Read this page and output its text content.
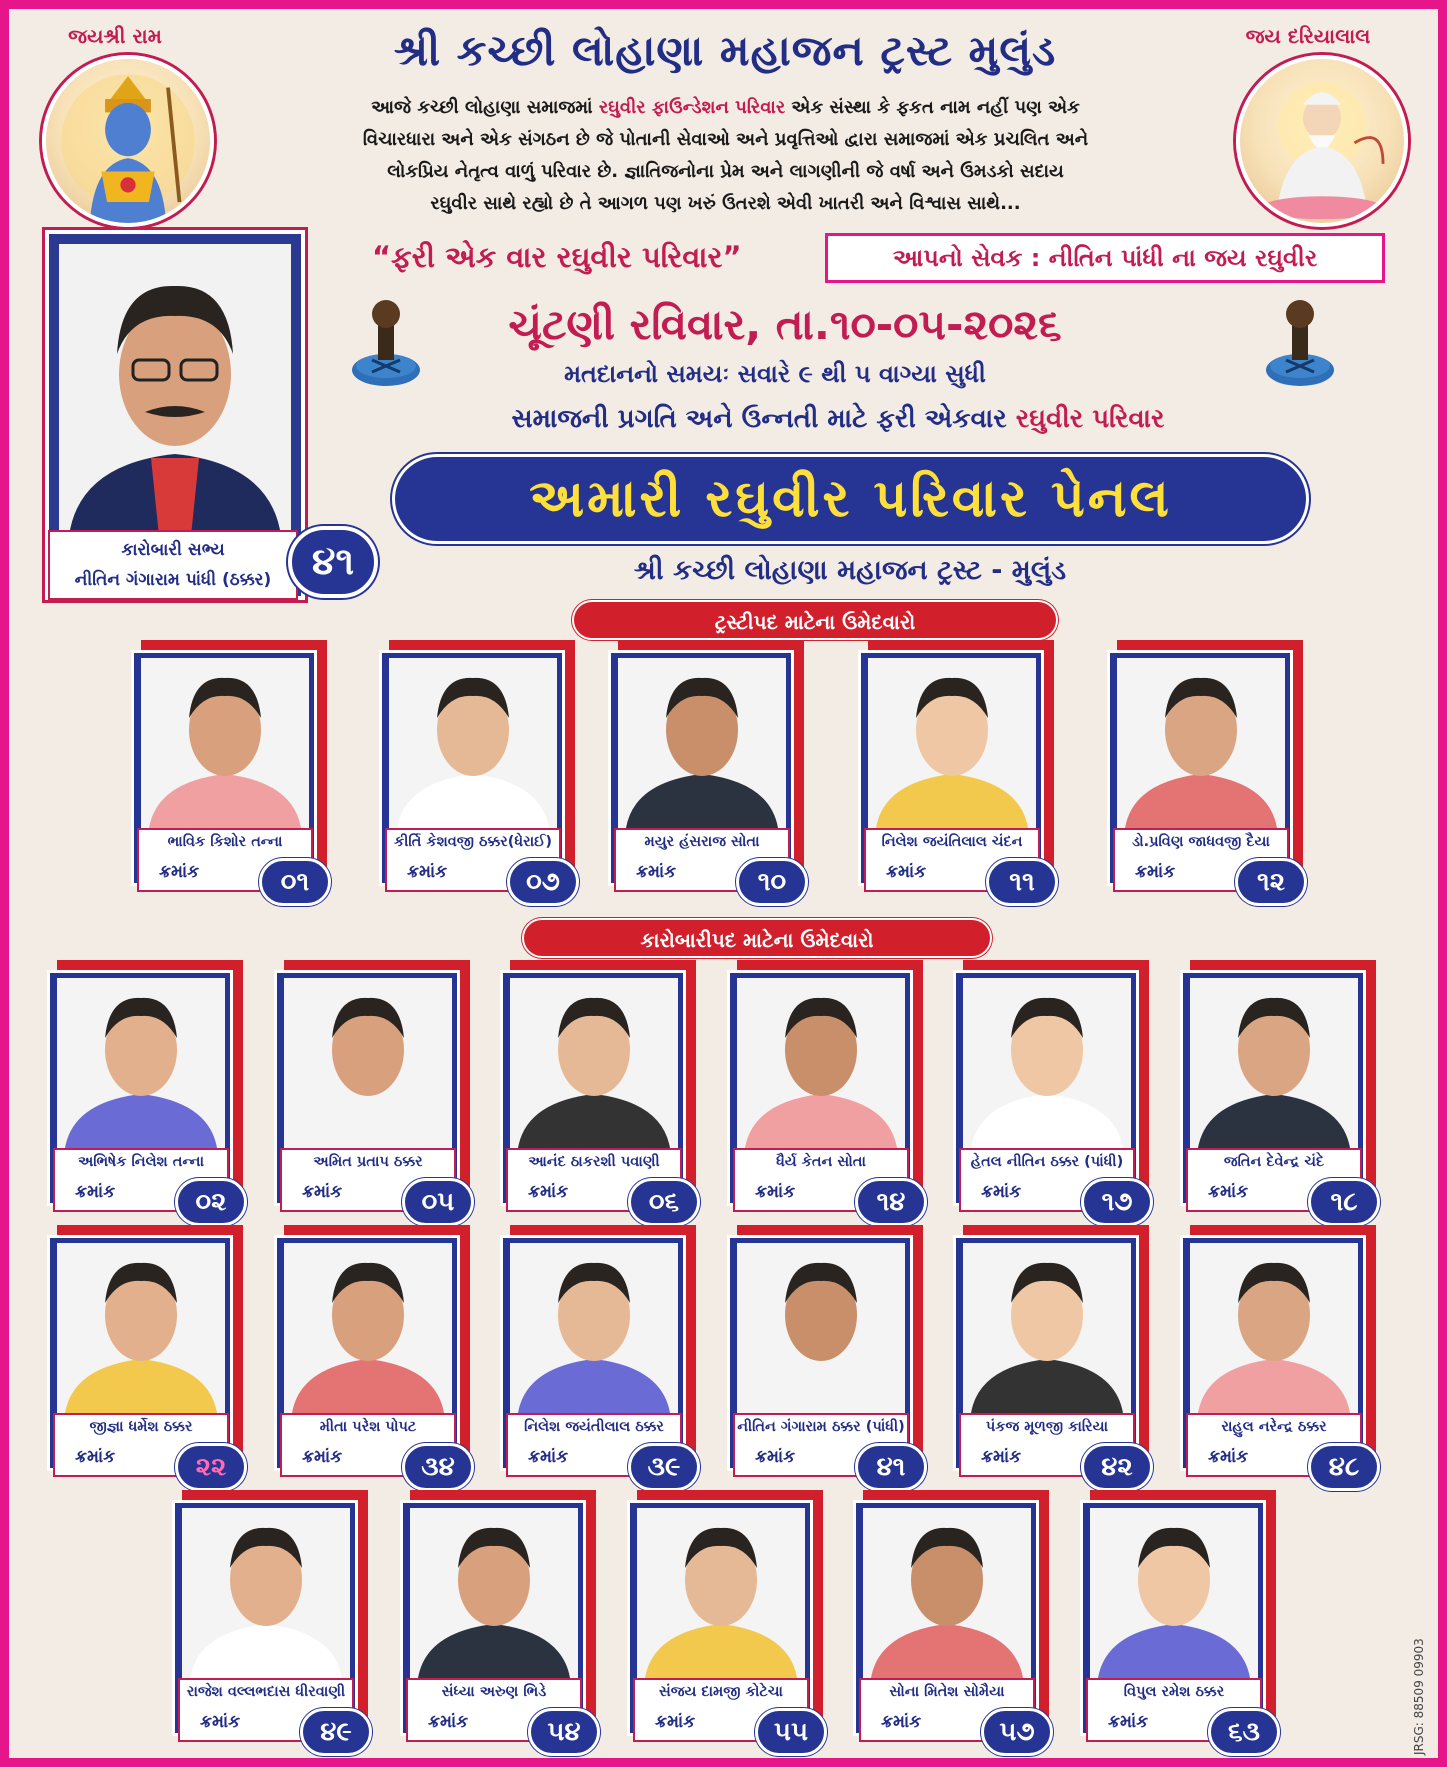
જયશ્રી રામ	જય દરિયાલાલ
શ્રી કચ્છી લોહાણા મહાજન ટ્રસ્ટ મુલુંડ
આજે કચ્છી લોહાણા સમાજમાં રઘુવીર ફાઉન્ડેશન પરિવાર એક સંસ્થા કે ફકત નામ નહીં પણ એક
વિચારધારા અને એક સંગઠન છે જે પોતાની સેવાઓ અને પ્રવૃત્તિઓ દ્વારા સમાજમાં એક પ્રચલિત અને
લોકપ્રિય નેતૃત્વ વાળું પરિવાર છે. જ્ઞાતિજનોના પ્રેમ અને લાગણીની જે વર્ષા અને ઉમડકો સદાય
રઘુવીર સાથે રહ્યો છે તે આગળ પણ ખરું ઉતરશે એવી ખાતરી અને વિશ્વાસ સાથે...
કારોબારી સભ્ય
નીતિન ગંગારામ પાંધી (ઠક્કર)	૪૧
“ફરી એક વાર રઘુવીર પરિવાર”	આપનો સેવક : નીતિન પાંધી ના જય રઘુવીર
ચૂંટણી રવિવાર, તા.૧૦-૦૫-૨૦૨૬
મતદાનનો સમયઃ સવારે ૯ થી ૫ વાગ્યા સુધી
સમાજની પ્રગતિ અને ઉન્નતી માટે ફરી એકવાર રઘુવીર પરિવાર
અમારી રઘુવીર પરિવાર પેનલ
શ્રી કચ્છી લોહાણા મહાજન ટ્રસ્ટ - મુલુંડ
ટ્રસ્ટીપદ માટેના ઉમેદવારો
ભાવિક કિશોર તન્ના
ક્રમાંક	૦૧
કીર્તિ કેશવજી ઠક્કર(ધેરાઈ)
ક્રમાંક	૦૭
મયુર હંસરાજ સોતા
ક્રમાંક	૧૦
નિલેશ જયંતિલાલ ચંદન
ક્રમાંક	૧૧
ડો.પ્રવિણ જાધવજી દૈયા
ક્રમાંક	૧૨
કારોબારીપદ માટેના ઉમેદવારો
અભિષેક નિલેશ તન્ના
ક્રમાંક	૦૨
અમિત પ્રતાપ ઠક્કર
ક્રમાંક	૦૫
આનંદ ઠાકરશી પવાણી
ક્રમાંક	૦૬
ધૈર્ય કેતન સોતા
ક્રમાંક	૧૪
હેતલ નીતિન ઠક્કર (પાંધી)
ક્રમાંક	૧૭
જતિન દેવેન્દ્ર ચંદે
ક્રમાંક	૧૮
જીજ્ઞા ધર્મેશ ઠક્કર
ક્રમાંક	૨૨
મીતા પરેશ પોપટ
ક્રમાંક	૩૪
નિલેશ જયંતીલાલ ઠક્કર
ક્રમાંક	૩૯
નીતિન ગંગારામ ઠક્કર (પાંધી)
ક્રમાંક	૪૧
પંકજ મૂળજી કારિયા
ક્રમાંક	૪૨
રાહુલ નરેન્દ્ર ઠક્કર
ક્રમાંક	૪૮
રાજેશ વલ્લભદાસ ધીરવાણી
ક્રમાંક	૪૯
સંધ્યા અરુણ ભિડે
ક્રમાંક	૫૪
સંજય દામજી કોટેચા
ક્રમાંક	૫૫
સોના મિતેશ સોમૈયા
ક્રમાંક	૫૭
વિપુલ રમેશ ઠક્કર
ક્રમાંક	૬૩	JRSG: 88509 09903
